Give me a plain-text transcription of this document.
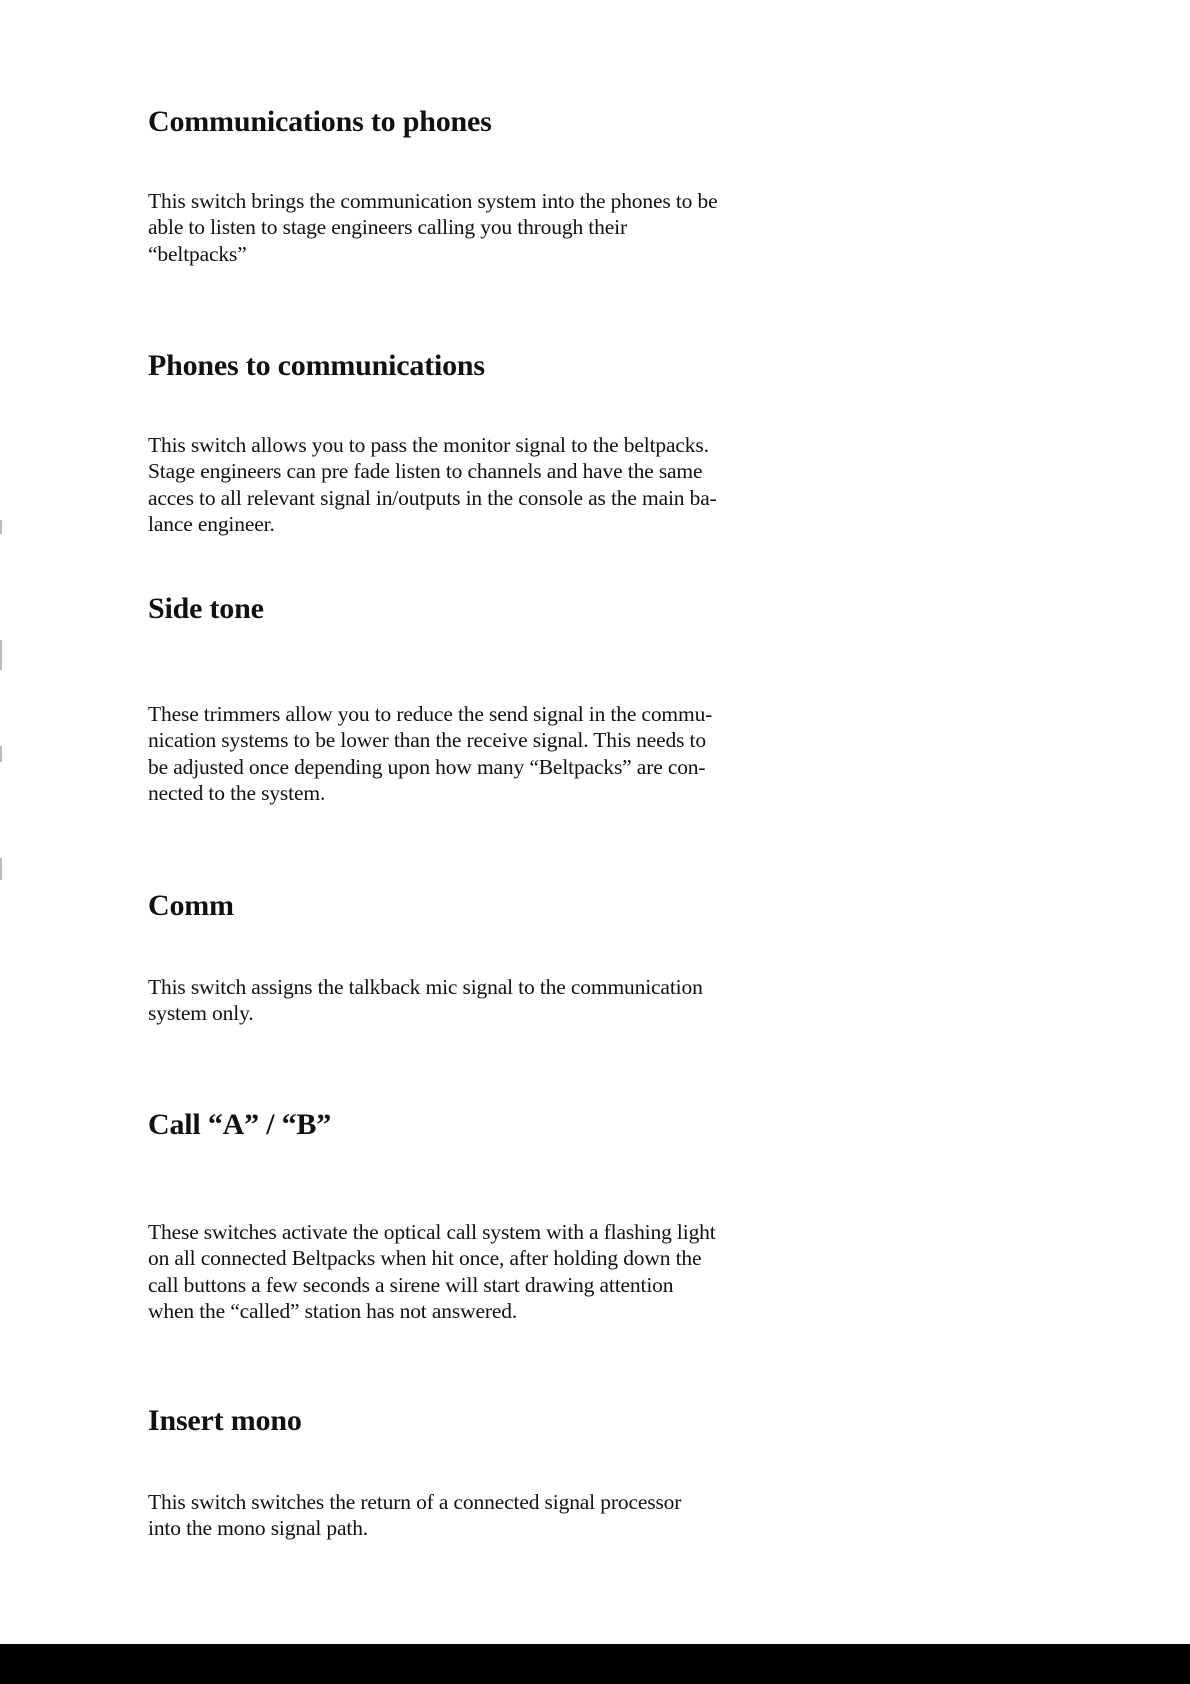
Communications to phones

This switch brings the communication system into the phones to be
able to listen to stage engineers calling you through their
“beltpacks”

Phones to communications

This switch allows you to pass the monitor signal to the beltpacks.
Stage engineers can pre fade listen to channels and have the same
acces to all relevant signal in/outputs in the console as the main ba-
lance engineer.

Side tone

These trimmers allow you to reduce the send signal in the commu-
nication systems to be lower than the receive signal. This needs to
be adjusted once depending upon how many “Beltpacks” are con-
nected to the system.

Comm

This switch assigns the talkback mic signal to the communication
system only.

Call “A” / “B”

These switches activate the optical call system with a flashing light
on all connected Beltpacks when hit once, after holding down the
call buttons a few seconds a sirene will start drawing attention
when the “called” station has not answered.

Insert mono

This switch switches the return of a connected signal processor
into the mono signal path.
